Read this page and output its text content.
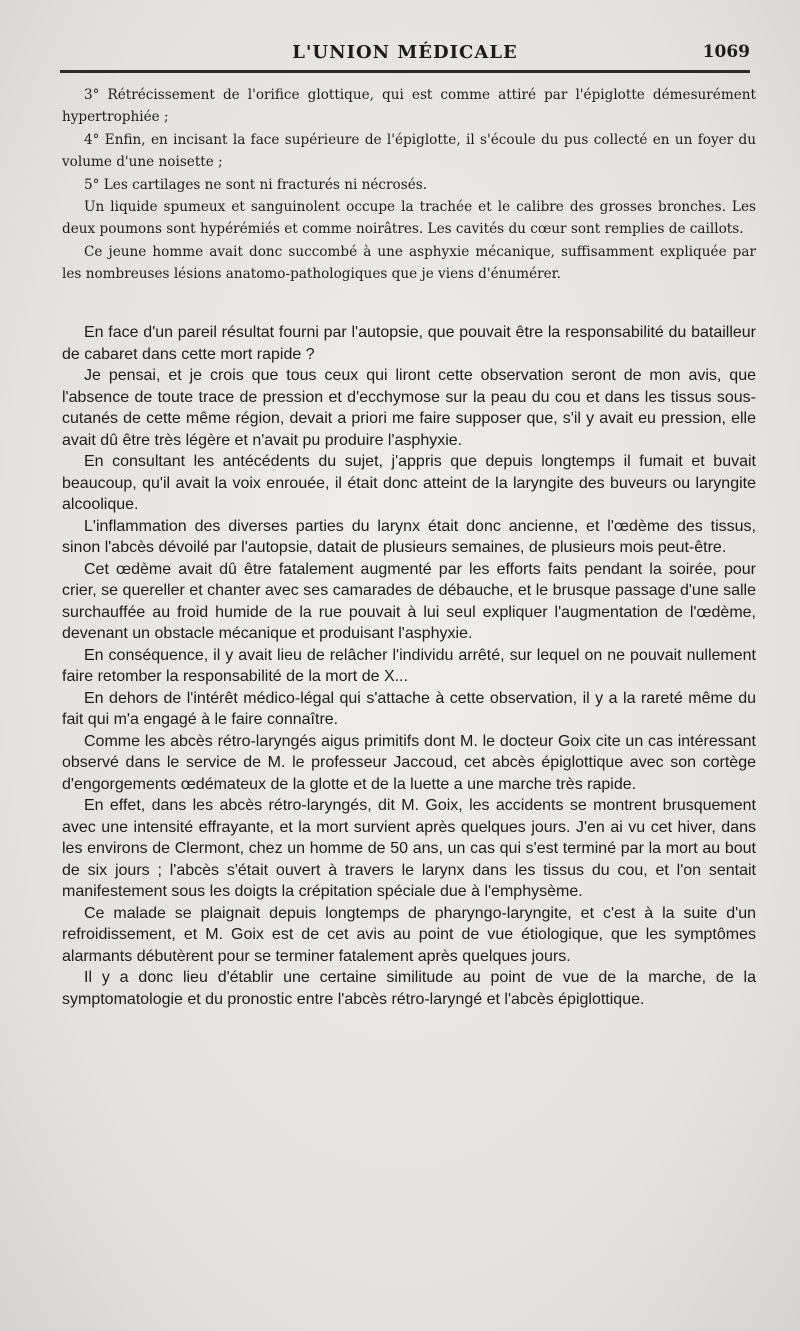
L'UNION MÉDICALE	1069

3° Rétrécissement de l'orifice glottique, qui est comme attiré par l'épiglotte démesurément hypertrophiée ;

4° Enfin, en incisant la face supérieure de l'épiglotte, il s'écoule du pus collecté en un foyer du volume d'une noisette ;

5° Les cartilages ne sont ni fracturés ni nécrosés.

Un liquide spumeux et sanguinolent occupe la trachée et le calibre des grosses bronches. Les deux poumons sont hypérémiés et comme noirâtres. Les cavités du cœur sont remplies de caillots.

Ce jeune homme avait donc succombé à une asphyxie mécanique, suffisamment expliquée par les nombreuses lésions anatomo-pathologiques que je viens d'énumérer.

En face d'un pareil résultat fourni par l'autopsie, que pouvait être la responsabilité du batailleur de cabaret dans cette mort rapide ?

Je pensai, et je crois que tous ceux qui liront cette observation seront de mon avis, que l'absence de toute trace de pression et d'ecchymose sur la peau du cou et dans les tissus sous-cutanés de cette même région, devait a priori me faire supposer que, s'il y avait eu pression, elle avait dû être très légère et n'avait pu produire l'asphyxie.

En consultant les antécédents du sujet, j'appris que depuis longtemps il fumait et buvait beaucoup, qu'il avait la voix enrouée, il était donc atteint de la laryngite des buveurs ou laryngite alcoolique.

L'inflammation des diverses parties du larynx était donc ancienne, et l'œdème des tissus, sinon l'abcès dévoilé par l'autopsie, datait de plusieurs semaines, de plusieurs mois peut-être.

Cet œdème avait dû être fatalement augmenté par les efforts faits pendant la soirée, pour crier, se quereller et chanter avec ses camarades de débauche, et le brusque passage d'une salle surchauffée au froid humide de la rue pouvait à lui seul expliquer l'augmentation de l'œdème, devenant un obstacle mécanique et produisant l'asphyxie.

En conséquence, il y avait lieu de relâcher l'individu arrêté, sur lequel on ne pouvait nullement faire retomber la responsabilité de la mort de X...

En dehors de l'intérêt médico-légal qui s'attache à cette observation, il y a la rareté même du fait qui m'a engagé à le faire connaître.

Comme les abcès rétro-laryngés aigus primitifs dont M. le docteur Goix cite un cas intéressant observé dans le service de M. le professeur Jaccoud, cet abcès épiglottique avec son cortège d'engorgements œdémateux de la glotte et de la luette a une marche très rapide.

En effet, dans les abcès rétro-laryngés, dit M. Goix, les accidents se montrent brusquement avec une intensité effrayante, et la mort survient après quelques jours. J'en ai vu cet hiver, dans les environs de Clermont, chez un homme de 50 ans, un cas qui s'est terminé par la mort au bout de six jours ; l'abcès s'était ouvert à travers le larynx dans les tissus du cou, et l'on sentait manifestement sous les doigts la crépitation spéciale due à l'emphysème.

Ce malade se plaignait depuis longtemps de pharyngo-laryngite, et c'est à la suite d'un refroidissement, et M. Goix est de cet avis au point de vue étiologique, que les symptômes alarmants débutèrent pour se terminer fatalement après quelques jours.

Il y a donc lieu d'établir une certaine similitude au point de vue de la marche, de la symptomatologie et du pronostic entre l'abcès rétro-laryngé et l'abcès épiglottique.
